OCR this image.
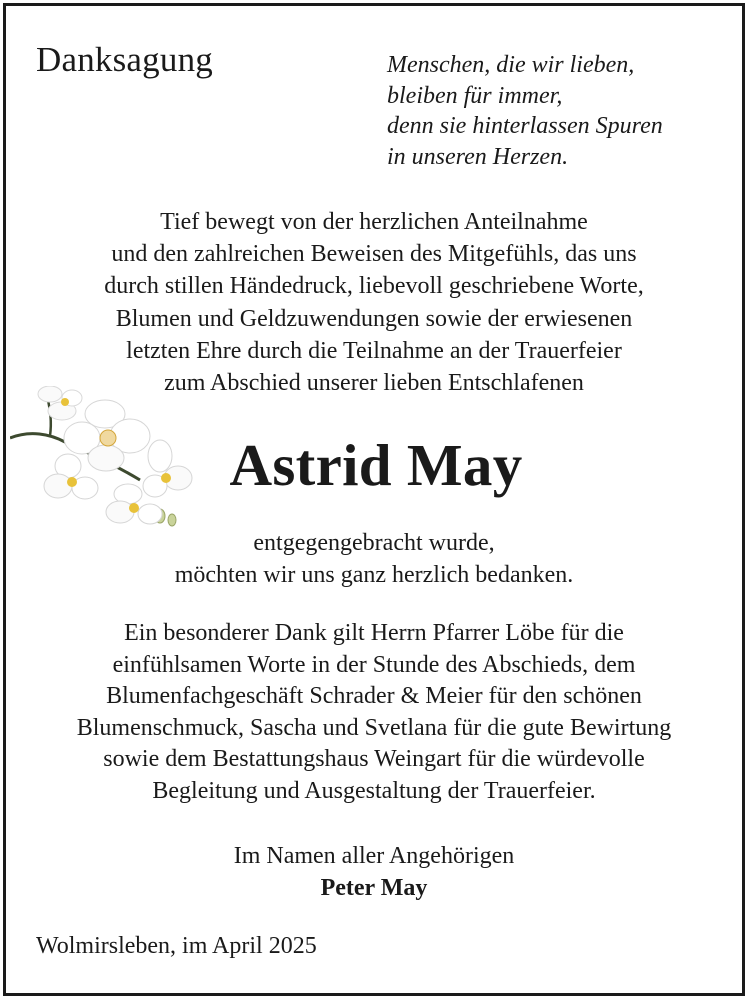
Danksagung	Menschen, die wir lieben,
bleiben für immer,
denn sie hinterlassen Spuren
in unseren Herzen.
Tief bewegt von der herzlichen Anteilnahme
und den zahlreichen Beweisen des Mitgefühls, das uns
durch stillen Händedruck, liebevoll geschriebene Worte,
Blumen und Geldzuwendungen sowie der erwiesenen
letzten Ehre durch die Teilnahme an der Trauerfeier
zum Abschied unserer lieben Entschlafenen
Astrid May
entgegengebracht wurde,
möchten wir uns ganz herzlich bedanken.
Ein besonderer Dank gilt Herrn Pfarrer Löbe für die
einfühlsamen Worte in der Stunde des Abschieds, dem
Blumenfachgeschäft Schrader & Meier für den schönen
Blumenschmuck, Sascha und Svetlana für die gute Bewirtung
sowie dem Bestattungshaus Weingart für die würdevolle
Begleitung und Ausgestaltung der Trauerfeier.
Im Namen aller Angehörigen
Peter May
Wolmirsleben, im April 2025
